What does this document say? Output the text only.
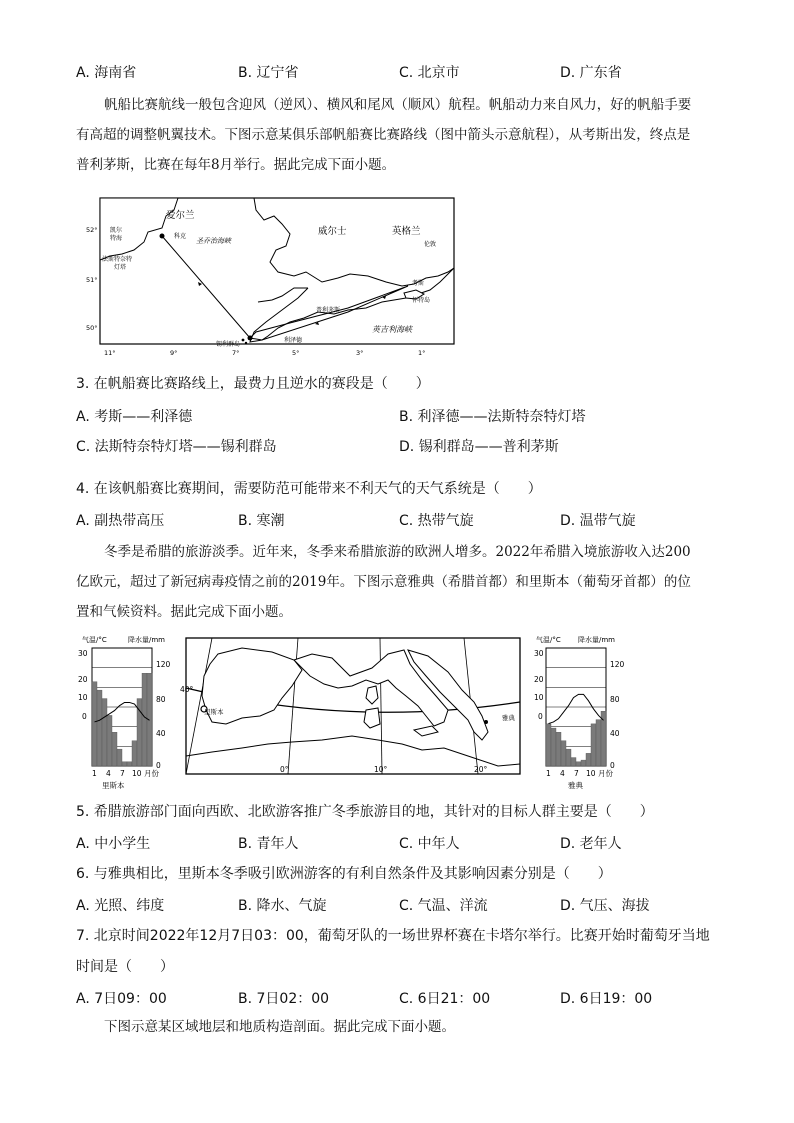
A. 海南省	B. 辽宁省	C. 北京市	D. 广东省
帆船比赛航线一般包含迎风（逆风）、横风和尾风（顺风）航程。帆船动力来自风力，好的帆船手要
有高超的调整帆翼技术。下图示意某俱乐部帆船赛比赛路线（图中箭头示意航程），从考斯出发，终点是
普利茅斯，比赛在每年8月举行。据此完成下面小题。
爱尔兰
威尔士	英格兰
凯尔
特海	科克
法斯特奈特
灯塔
圣乔治海峡	伦敦
考斯
怀特岛
普利茅斯
利泽德
锡利群岛
英吉利海峡
52°
51°
50°
11°	9°	7°	5°	3°	1°
3. 在帆船赛比赛路线上，最费力且逆水的赛段是（　　）
A. 考斯——利泽德	B. 利泽德——法斯特奈特灯塔
C. 法斯特奈特灯塔——锡利群岛	D. 锡利群岛——普利茅斯
4. 在该帆船赛比赛期间，需要防范可能带来不利天气的天气系统是（　　）
A. 副热带高压	B. 寒潮	C. 热带气旋	D. 温带气旋
冬季是希腊的旅游淡季。近年来，冬季来希腊旅游的欧洲人增多。2022年希腊入境旅游收入达200
亿欧元，超过了新冠病毒疫情之前的2019年。下图示意雅典（希腊首都）和里斯本（葡萄牙首都）的位
置和气候资料。据此完成下面小题。
气温/°C	降水量/mm
30
20
10
0
120
80
40
0
1 4 7 10 月份
里斯本
40°
里斯本
雅典
0°	10°	20°
气温/°C 降水量/mm
30
20
10
0
120
80
40
0
1 4 7 10 月份
雅典
5. 希腊旅游部门面向西欧、北欧游客推广冬季旅游目的地，其针对的目标人群主要是（　　）
A. 中小学生	B. 青年人	C. 中年人	D. 老年人
6. 与雅典相比，里斯本冬季吸引欧洲游客的有利自然条件及其影响因素分别是（　　）
A. 光照、纬度	B. 降水、气旋	C. 气温、洋流	D. 气压、海拔
7. 北京时间2022年12月7日03：00，葡萄牙队的一场世界杯赛在卡塔尔举行。比赛开始时葡萄牙当地
时间是（　　）
A. 7日09：00	B. 7日02：00	C. 6日21：00	D. 6日19：00
下图示意某区域地层和地质构造剖面。据此完成下面小题。
